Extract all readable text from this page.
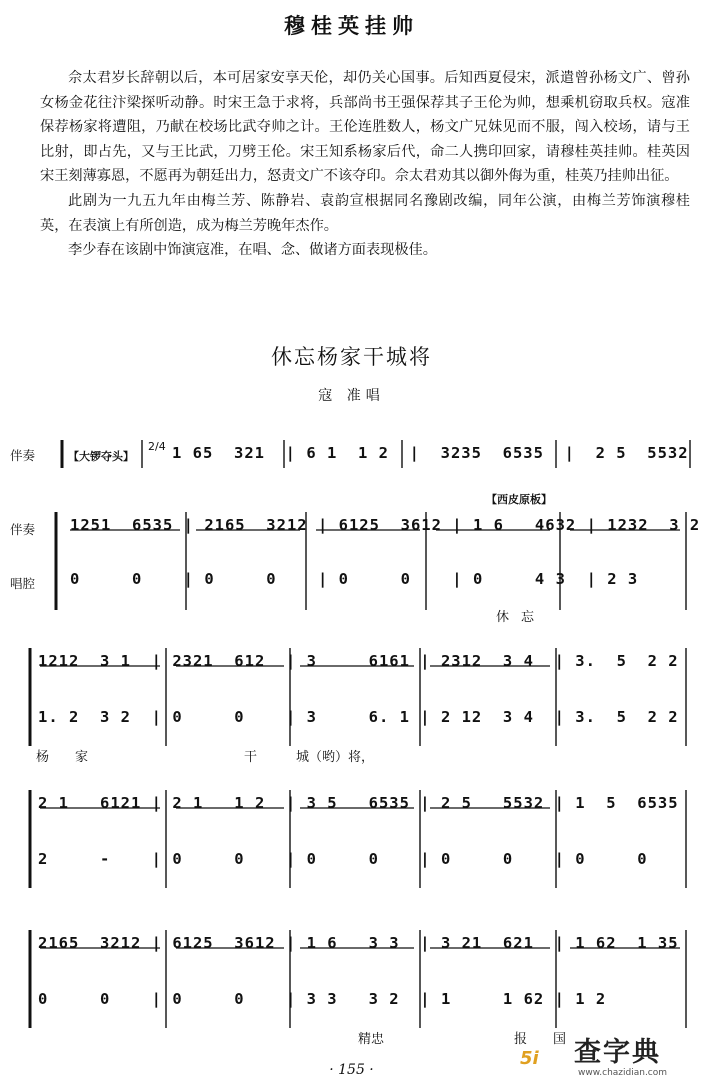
穆桂英挂帅

佘太君岁长辞朝以后，本可居家安享天伦，却仍关心国事。后知西夏侵宋，派遣曾孙杨文广、曾孙女杨金花往汴梁探听动静。时宋王急于求将，兵部尚书王强保荐其子王伦为帅，想乘机窃取兵权。寇准保荐杨家将遭阻，乃献在校场比武夺帅之计。王伦连胜数人，杨文广兄妹见而不服，闯入校场，请与王比射，即占先，又与王比武，刀劈王伦。宋王知系杨家后代，命二人携印回家，请穆桂英挂帅。桂英因宋王刻薄寡恩，不愿再为朝廷出力，怒责文广不该夺印。佘太君劝其以御外侮为重，桂英乃挂帅出征。

此剧为一九五九年由梅兰芳、陈静岩、袁韵宣根据同名豫剧改编，同年公演，由梅兰芳饰演穆桂英，在表演上有所创造，成为梅兰芳晚年杰作。

李少春在该剧中饰演寇准，在唱、念、做诸方面表现极佳。

休忘杨家干城将
寇 准唱
伴奏	【大锣夺头】
2/4 1 65  321  | 6 1  1 2  |  3235  6535  |  2 5  5532
【西皮原板】
伴奏
唱腔
1251  6535 | 2165  3212 | 6125  3612 | 1 6   4632 | 1232  3 2
0     0    | 0     0    | 0     0    | 0     4 3  | 2 3
休忘
1212  3 1  | 2321  612  | 3     6161 | 2312  3 4  | 3.  5  2 2
1. 2  3 2  | 0     0    | 3     6. 1 | 2 12  3 4  | 3.  5  2 2
杨　　家　　　　　　　　　　　　干　　　城（哟）将，
2 1   6121 | 2 1   1 2  | 3 5   6535 | 2 5   5532 | 1  5  6535
2     -    | 0     0    | 0     0    | 0     0    | 0     0
2165  3212 | 6125  3612 | 1 6   3 3  | 3 21  621  | 1 62  1 35
0     0    | 0     0    | 3 3   3 2  | 1     1 62 | 1 2
精忠　　　　　　　　　　报　　国
· 155 ·
5i 查字典
www.chazidian.com
